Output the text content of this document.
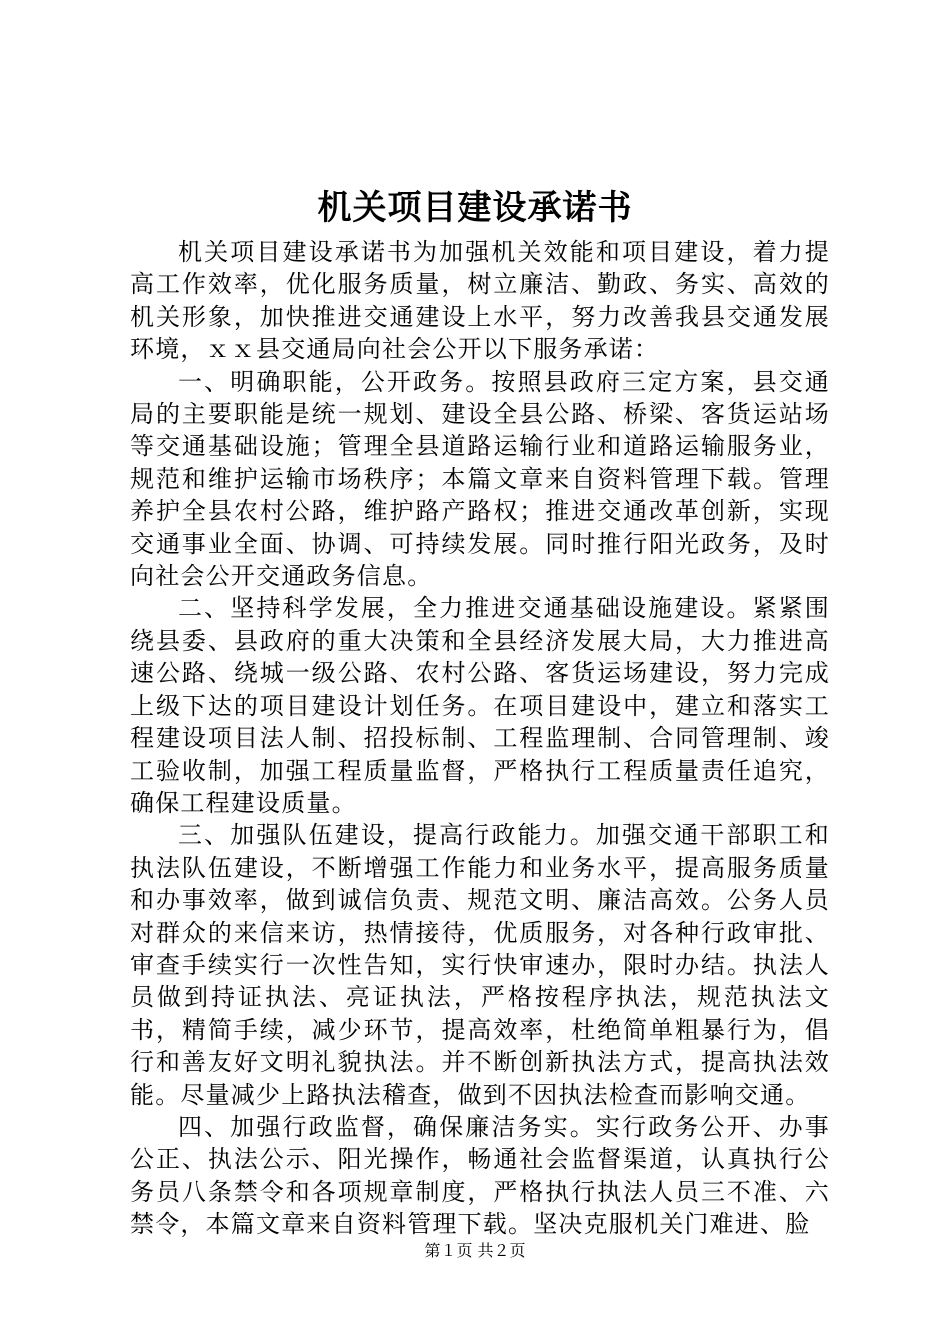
机关项目建设承诺书

机关项目建设承诺书为加强机关效能和项目建设，着力提高工作效率，优化服务质量，树立廉洁、勤政、务实、高效的机关形象，加快推进交通建设上水平，努力改善我县交通发展环境，ｘｘ县交通局向社会公开以下服务承诺：

一、明确职能，公开政务。按照县政府三定方案，县交通局的主要职能是统一规划、建设全县公路、桥梁、客货运站场等交通基础设施；管理全县道路运输行业和道路运输服务业，规范和维护运输市场秩序；本篇文章来自资料管理下载。管理养护全县农村公路，维护路产路权；推进交通改革创新，实现交通事业全面、协调、可持续发展。同时推行阳光政务，及时向社会公开交通政务信息。

二、坚持科学发展，全力推进交通基础设施建设。紧紧围绕县委、县政府的重大决策和全县经济发展大局，大力推进高速公路、绕城一级公路、农村公路、客货运场建设，努力完成上级下达的项目建设计划任务。在项目建设中，建立和落实工程建设项目法人制、招投标制、工程监理制、合同管理制、竣工验收制，加强工程质量监督，严格执行工程质量责任追究，确保工程建设质量。

三、加强队伍建设，提高行政能力。加强交通干部职工和执法队伍建设，不断增强工作能力和业务水平，提高服务质量和办事效率，做到诚信负责、规范文明、廉洁高效。公务人员对群众的来信来访，热情接待，优质服务，对各种行政审批、审查手续实行一次性告知，实行快审速办，限时办结。执法人员做到持证执法、亮证执法，严格按程序执法，规范执法文书，精简手续，减少环节，提高效率，杜绝简单粗暴行为，倡行和善友好文明礼貌执法。并不断创新执法方式，提高执法效能。尽量减少上路执法稽查，做到不因执法检查而影响交通。

四、加强行政监督，确保廉洁务实。实行政务公开、办事公正、执法公示、阳光操作，畅通社会监督渠道，认真执行公务员八条禁令和各项规章制度，严格执行执法人员三不准、六禁令，本篇文章来自资料管理下载。坚决克服机关门难进、脸

第１页 共２页
